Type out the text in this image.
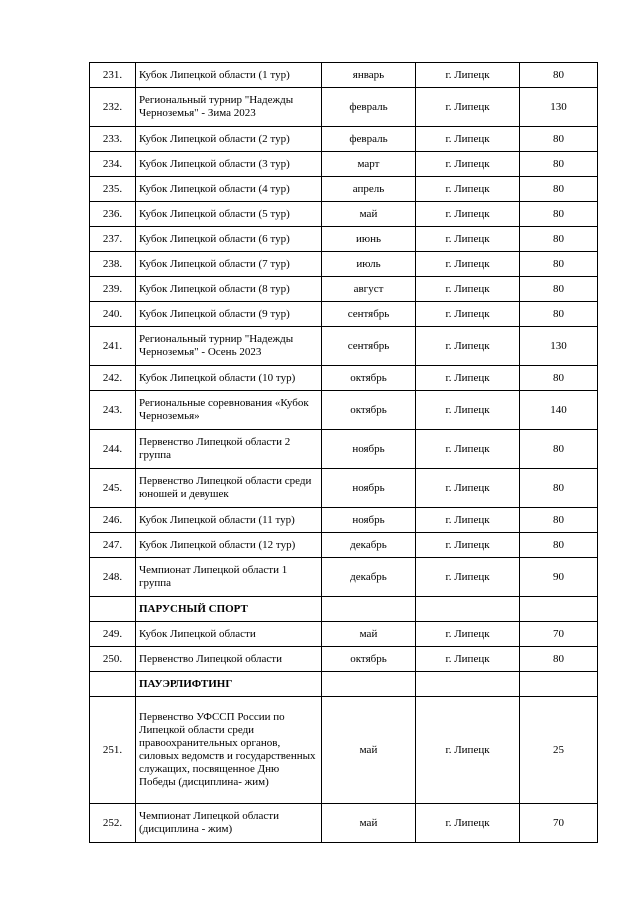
231.	Кубок Липецкой области (1 тур)	январь	г. Липецк	80
232.	Региональный турнир "Надежды Черноземья" - Зима 2023	февраль	г. Липецк	130
233.	Кубок Липецкой области (2 тур)	февраль	г. Липецк	80
234.	Кубок Липецкой области (3 тур)	март	г. Липецк	80
235.	Кубок Липецкой области (4 тур)	апрель	г. Липецк	80
236.	Кубок Липецкой области (5 тур)	май	г. Липецк	80
237.	Кубок Липецкой области (6 тур)	июнь	г. Липецк	80
238.	Кубок Липецкой области (7 тур)	июль	г. Липецк	80
239.	Кубок Липецкой области (8 тур)	август	г. Липецк	80
240.	Кубок Липецкой области (9 тур)	сентябрь	г. Липецк	80
241.	Региональный турнир "Надежды Черноземья" - Осень 2023	сентябрь	г. Липецк	130
242.	Кубок Липецкой области (10 тур)	октябрь	г. Липецк	80
243.	Региональные соревнования «Кубок Черноземья»	октябрь	г. Липецк	140
244.	Первенство Липецкой области 2 группа	ноябрь	г. Липецк	80
245.	Первенство Липецкой области среди юношей и девушек	ноябрь	г. Липецк	80
246.	Кубок Липецкой области (11 тур)	ноябрь	г. Липецк	80
247.	Кубок Липецкой области (12 тур)	декабрь	г. Липецк	80
248.	Чемпионат Липецкой области 1 группа	декабрь	г. Липецк	90
	ПАРУСНЫЙ СПОРТ			
249.	Кубок Липецкой области	май	г. Липецк	70
250.	Первенство Липецкой области	октябрь	г. Липецк	80
	ПАУЭРЛИФТИНГ			
251.	Первенство УФССП России по Липецкой области среди правоохранительных органов, силовых ведомств и государственных служащих, посвященное Дню Победы (дисциплина- жим)	май	г. Липецк	25
252.	Чемпионат Липецкой области (дисциплина - жим)	май	г. Липецк	70
